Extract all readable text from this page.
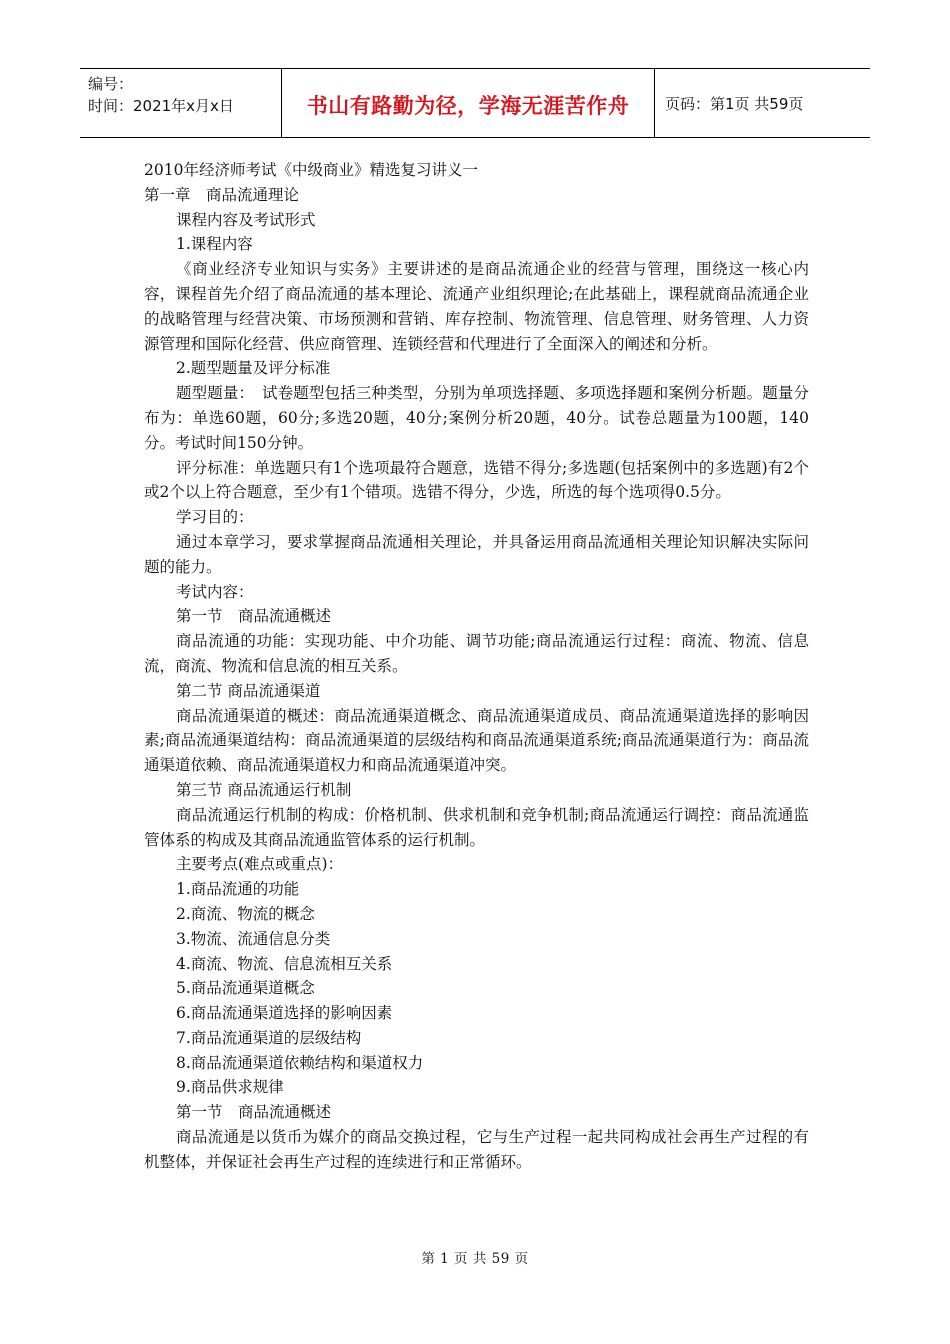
编号：
时间：2021年x月x日	书山有路勤为径，学海无涯苦作舟	页码：第1页 共59页

2010年经济师考试《中级商业》精选复习讲义一

第一章　商品流通理论

课程内容及考试形式

1.课程内容

《商业经济专业知识与实务》主要讲述的是商品流通企业的经营与管理，围绕这一核心内容，课程首先介绍了商品流通的基本理论、流通产业组织理论;在此基础上，课程就商品流通企业的战略管理与经营决策、市场预测和营销、库存控制、物流管理、信息管理、财务管理、人力资源管理和国际化经营、供应商管理、连锁经营和代理进行了全面深入的阐述和分析。

2.题型题量及评分标准

题型题量：　试卷题型包括三种类型，分别为单项选择题、多项选择题和案例分析题。题量分布为：单选60题，60分;多选20题，40分;案例分析20题，40分。试卷总题量为100题，140分。考试时间150分钟。

评分标准：单选题只有1个选项最符合题意，选错不得分;多选题(包括案例中的多选题)有2个或2个以上符合题意，至少有1个错项。选错不得分，少选，所选的每个选项得0.5分。

学习目的：

通过本章学习，要求掌握商品流通相关理论，并具备运用商品流通相关理论知识解决实际问题的能力。

考试内容：

第一节　商品流通概述

商品流通的功能：实现功能、中介功能、调节功能;商品流通运行过程：商流、物流、信息流，商流、物流和信息流的相互关系。

第二节 商品流通渠道

商品流通渠道的概述：商品流通渠道概念、商品流通渠道成员、商品流通渠道选择的影响因素;商品流通渠道结构：商品流通渠道的层级结构和商品流通渠道系统;商品流通渠道行为：商品流通渠道依赖、商品流通渠道权力和商品流通渠道冲突。

第三节 商品流通运行机制

商品流通运行机制的构成：价格机制、供求机制和竞争机制;商品流通运行调控：商品流通监管体系的构成及其商品流通监管体系的运行机制。

主要考点(难点或重点)：

1.商品流通的功能

2.商流、物流的概念

3.物流、流通信息分类

4.商流、物流、信息流相互关系

5.商品流通渠道概念

6.商品流通渠道选择的影响因素

7.商品流通渠道的层级结构

8.商品流通渠道依赖结构和渠道权力

9.商品供求规律

第一节　商品流通概述

商品流通是以货币为媒介的商品交换过程，它与生产过程一起共同构成社会再生产过程的有机整体，并保证社会再生产过程的连续进行和正常循环。

第 1 页 共 59 页
